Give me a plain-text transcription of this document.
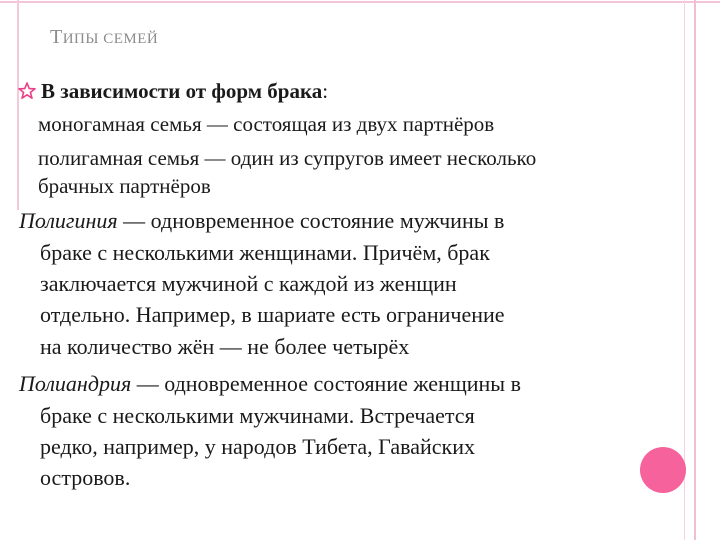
ТИПЫ СЕМЕЙ
В зависимости от форм брака:
моногамная семья — состоящая из двух партнёров
полигамная семья — один из супругов имеет несколько
брачных партнёров
Полигиния — одновременное состояние мужчины в
браке с несколькими женщинами. Причём, брак
заключается мужчиной с каждой из женщин
отдельно. Например, в шариате есть ограничение
на количество жён — не более четырёх
Полиандрия — одновременное состояние женщины в
браке с несколькими мужчинами. Встречается
редко, например, у народов Тибета, Гавайских
островов.
